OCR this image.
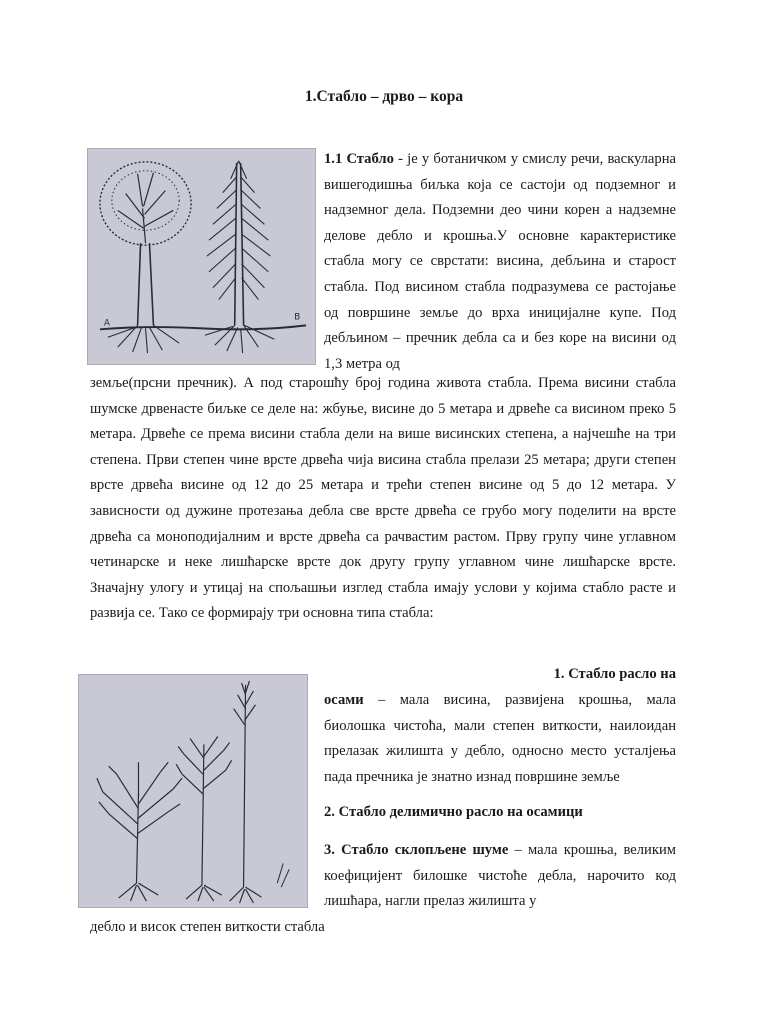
1.Стабло – дрво – кора
A
B
1.1 Стабло - је у ботаничком у смислу речи, васкуларна вишегодишња биљка која се састоји од подземног и надземног дела. Подземни део чини корен а надземне делове дебло и крошња.У основне карактеристике стабла могу се сврстати: висина, дебљина и старост стабла. Под висином стабла подразумева се растојање од површине земље до врха иницијалне купе. Под дебљином – пречник дебла са и без коре на висини од 1,3 метра од
земље(прсни пречник). А под старошћу број година живота стабла. Према висини стабла шумске дрвенасте биљке се деле на: жбуње, висине до 5 метара и дрвеће са висином преко 5 метара. Дрвеће се према висини стабла дели на више висинских степена, а најчешће на три степена. Први степен чине врсте дрвећа чија висина стабла прелази 25 метара; други степен врсте дрвећа висине од 12 до 25 метара и трећи степен висине од 5 до 12 метара. У зависности од дужине протезања дебла све врсте дрвећа се грубо могу поделити на врсте дрвећа са моноподијалним и врсте дрвећа са рачвастим растом. Прву групу чине углавном четинарске и неке лишћарске врсте док другу групу углавном чине лишћарске врсте. Значајну улогу и утицај на спољашњи изглед стабла имају услови у којима стабло расте и развија се. Тако се формирају три основна типа стабла:
1. Стабло расло на
осами – мала висина, развијена крошња, мала биолошка чистоћа, мали степен виткости, наилоидан прелазак жилишта у дебло, односно место усталјења пада пречника је знатно изнад површине земље
2. Стабло делимично расло на осамици
3. Стабло склопљене шуме – мала крошња, великим коефицијент билошке чистоће дебла, нарочито код лишћара, нагли прелаз жилишта у
дебло и висок степен виткости стабла
